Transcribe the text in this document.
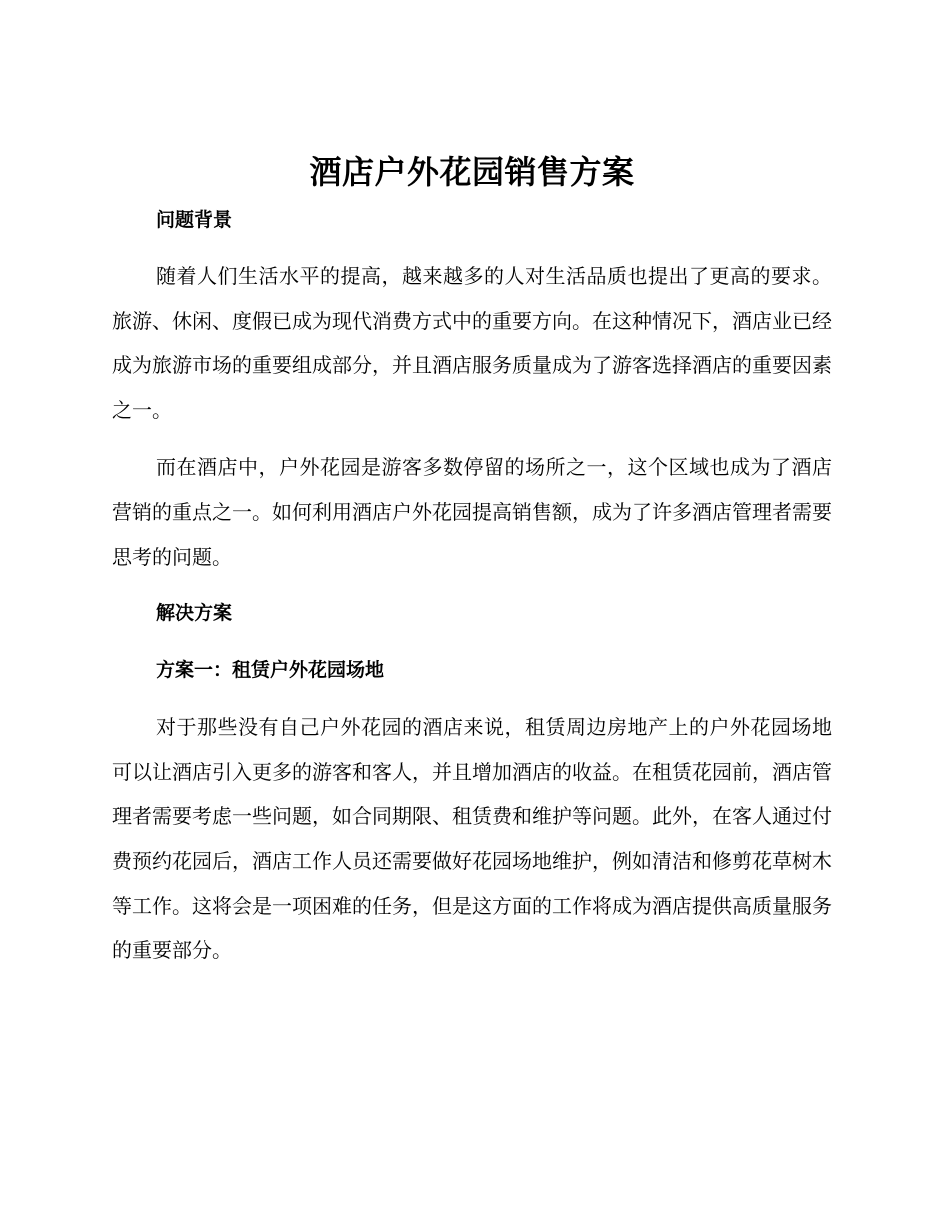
酒店户外花园销售方案
问题背景

随着人们生活水平的提高，越来越多的人对生活品质也提出了更高的要求。旅游、休闲、度假已成为现代消费方式中的重要方向。在这种情况下，酒店业已经成为旅游市场的重要组成部分，并且酒店服务质量成为了游客选择酒店的重要因素之一。

而在酒店中，户外花园是游客多数停留的场所之一，这个区域也成为了酒店营销的重点之一。如何利用酒店户外花园提高销售额，成为了许多酒店管理者需要思考的问题。

解决方案
方案一：租赁户外花园场地

对于那些没有自己户外花园的酒店来说，租赁周边房地产上的户外花园场地可以让酒店引入更多的游客和客人，并且增加酒店的收益。在租赁花园前，酒店管理者需要考虑一些问题，如合同期限、租赁费和维护等问题。此外，在客人通过付费预约花园后，酒店工作人员还需要做好花园场地维护，例如清洁和修剪花草树木等工作。这将会是一项困难的任务，但是这方面的工作将成为酒店提供高质量服务的重要部分。
